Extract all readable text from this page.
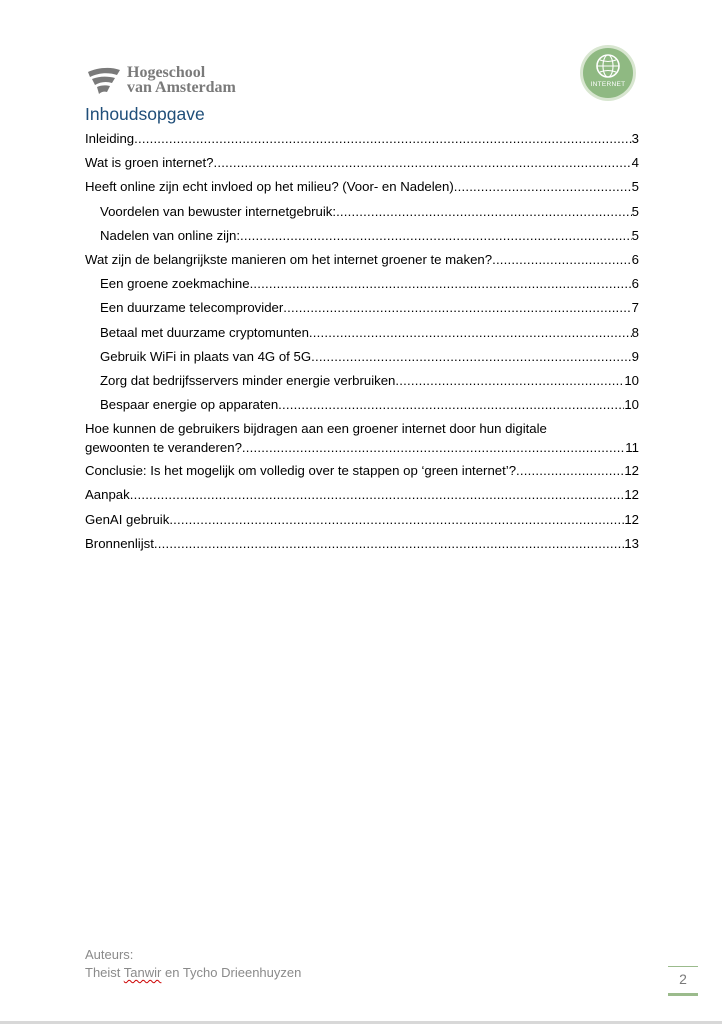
Hogeschool
van Amsterdam	INTERNET
Inhoudsopgave
Inleiding .....	3
Wat is groen internet? .....	4
Heeft online zijn echt invloed op het milieu? (Voor- en Nadelen) .....	5
Voordelen van bewuster internetgebruik: .....	5
Nadelen van online zijn: .....	5
Wat zijn de belangrijkste manieren om het internet groener te maken? .....	6
Een groene zoekmachine .....	6
Een duurzame telecomprovider .....	7
Betaal met duurzame cryptomunten .....	8
Gebruik WiFi in plaats van 4G of 5G .....	9
Zorg dat bedrijfsservers minder energie verbruiken .....	10
Bespaar energie op apparaten .....	10
Hoe kunnen de gebruikers bijdragen aan een groener internet door hun digitale
gewoonten te veranderen? .....	11
Conclusie: Is het mogelijk om volledig over te stappen op ‘green internet’? .....	12
Aanpak .....	12
GenAI gebruik .....	12
Bronnenlijst .....	13
Auteurs:
Theist Tanwir en Tycho Drieenhuyzen	2
